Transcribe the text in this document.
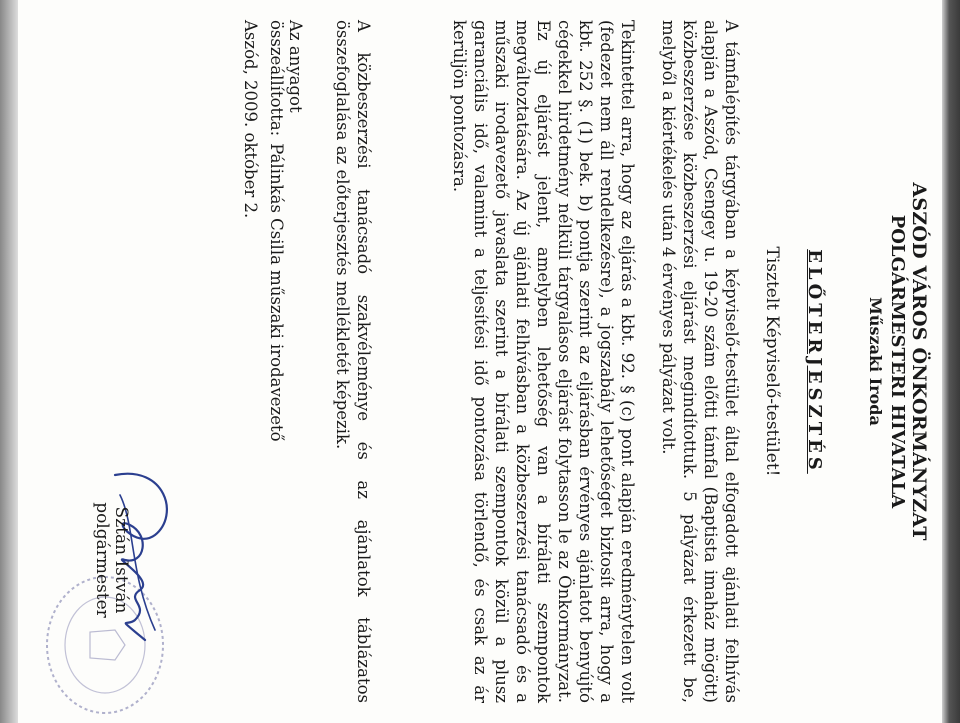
ASZÓD VÁROS ÖNKORMÁNYZAT
POLGÁRMESTERI HIVATALA
Műszaki Iroda
ELŐTERJESZTÉS
Tisztelt Képviselő-testület!
A támfalépítés tárgyában a képviselő-testület által elfogadott ajánlati felhívás alapján a Aszód, Csengey u. 19-20 szám előtti támfal (Baptista imaház mögött) közbeszerzése közbeszerzési eljárást megindítottuk. 5 pályázat érkezett be, melyből a kiértékelés után 4 érvényes pályázat volt.
Tekintettel arra, hogy az eljárás a kbt. 92. § (c) pont alapján eredménytelen volt (fedezet nem áll rendelkezésre), a jogszabály lehetőséget biztosít arra, hogy a kbt. 252 §. (1) bek. b) pontja szerint az eljárásban érvényes ajánlatot benyújtó cégekkel hirdetmény nélküli tárgyalásos eljárást folytasson le az Önkormányzat. Ez új eljárást jelent, amelyben lehetőség van a bírálati szempontok megváltoztatására. Az új ajánlati felhívásban a közbeszerzési tanácsadó és a műszaki irodavezető javaslata szerint a bírálati szempontok közül a plusz garanciális idő, valamint a teljesítési idő pontozása törlendő, és csak az ár kerüljön pontozásra.
A közbeszerzési tanácsadó szakvéleménye és az ajánlatok táblázatos összefoglalása az előterjesztés mellékletét képezik.
Az anyagot összeállította: Pálinkás Csilla műszaki irodavezető
Aszód, 2009. október 2.
Sztán István
polgármester
